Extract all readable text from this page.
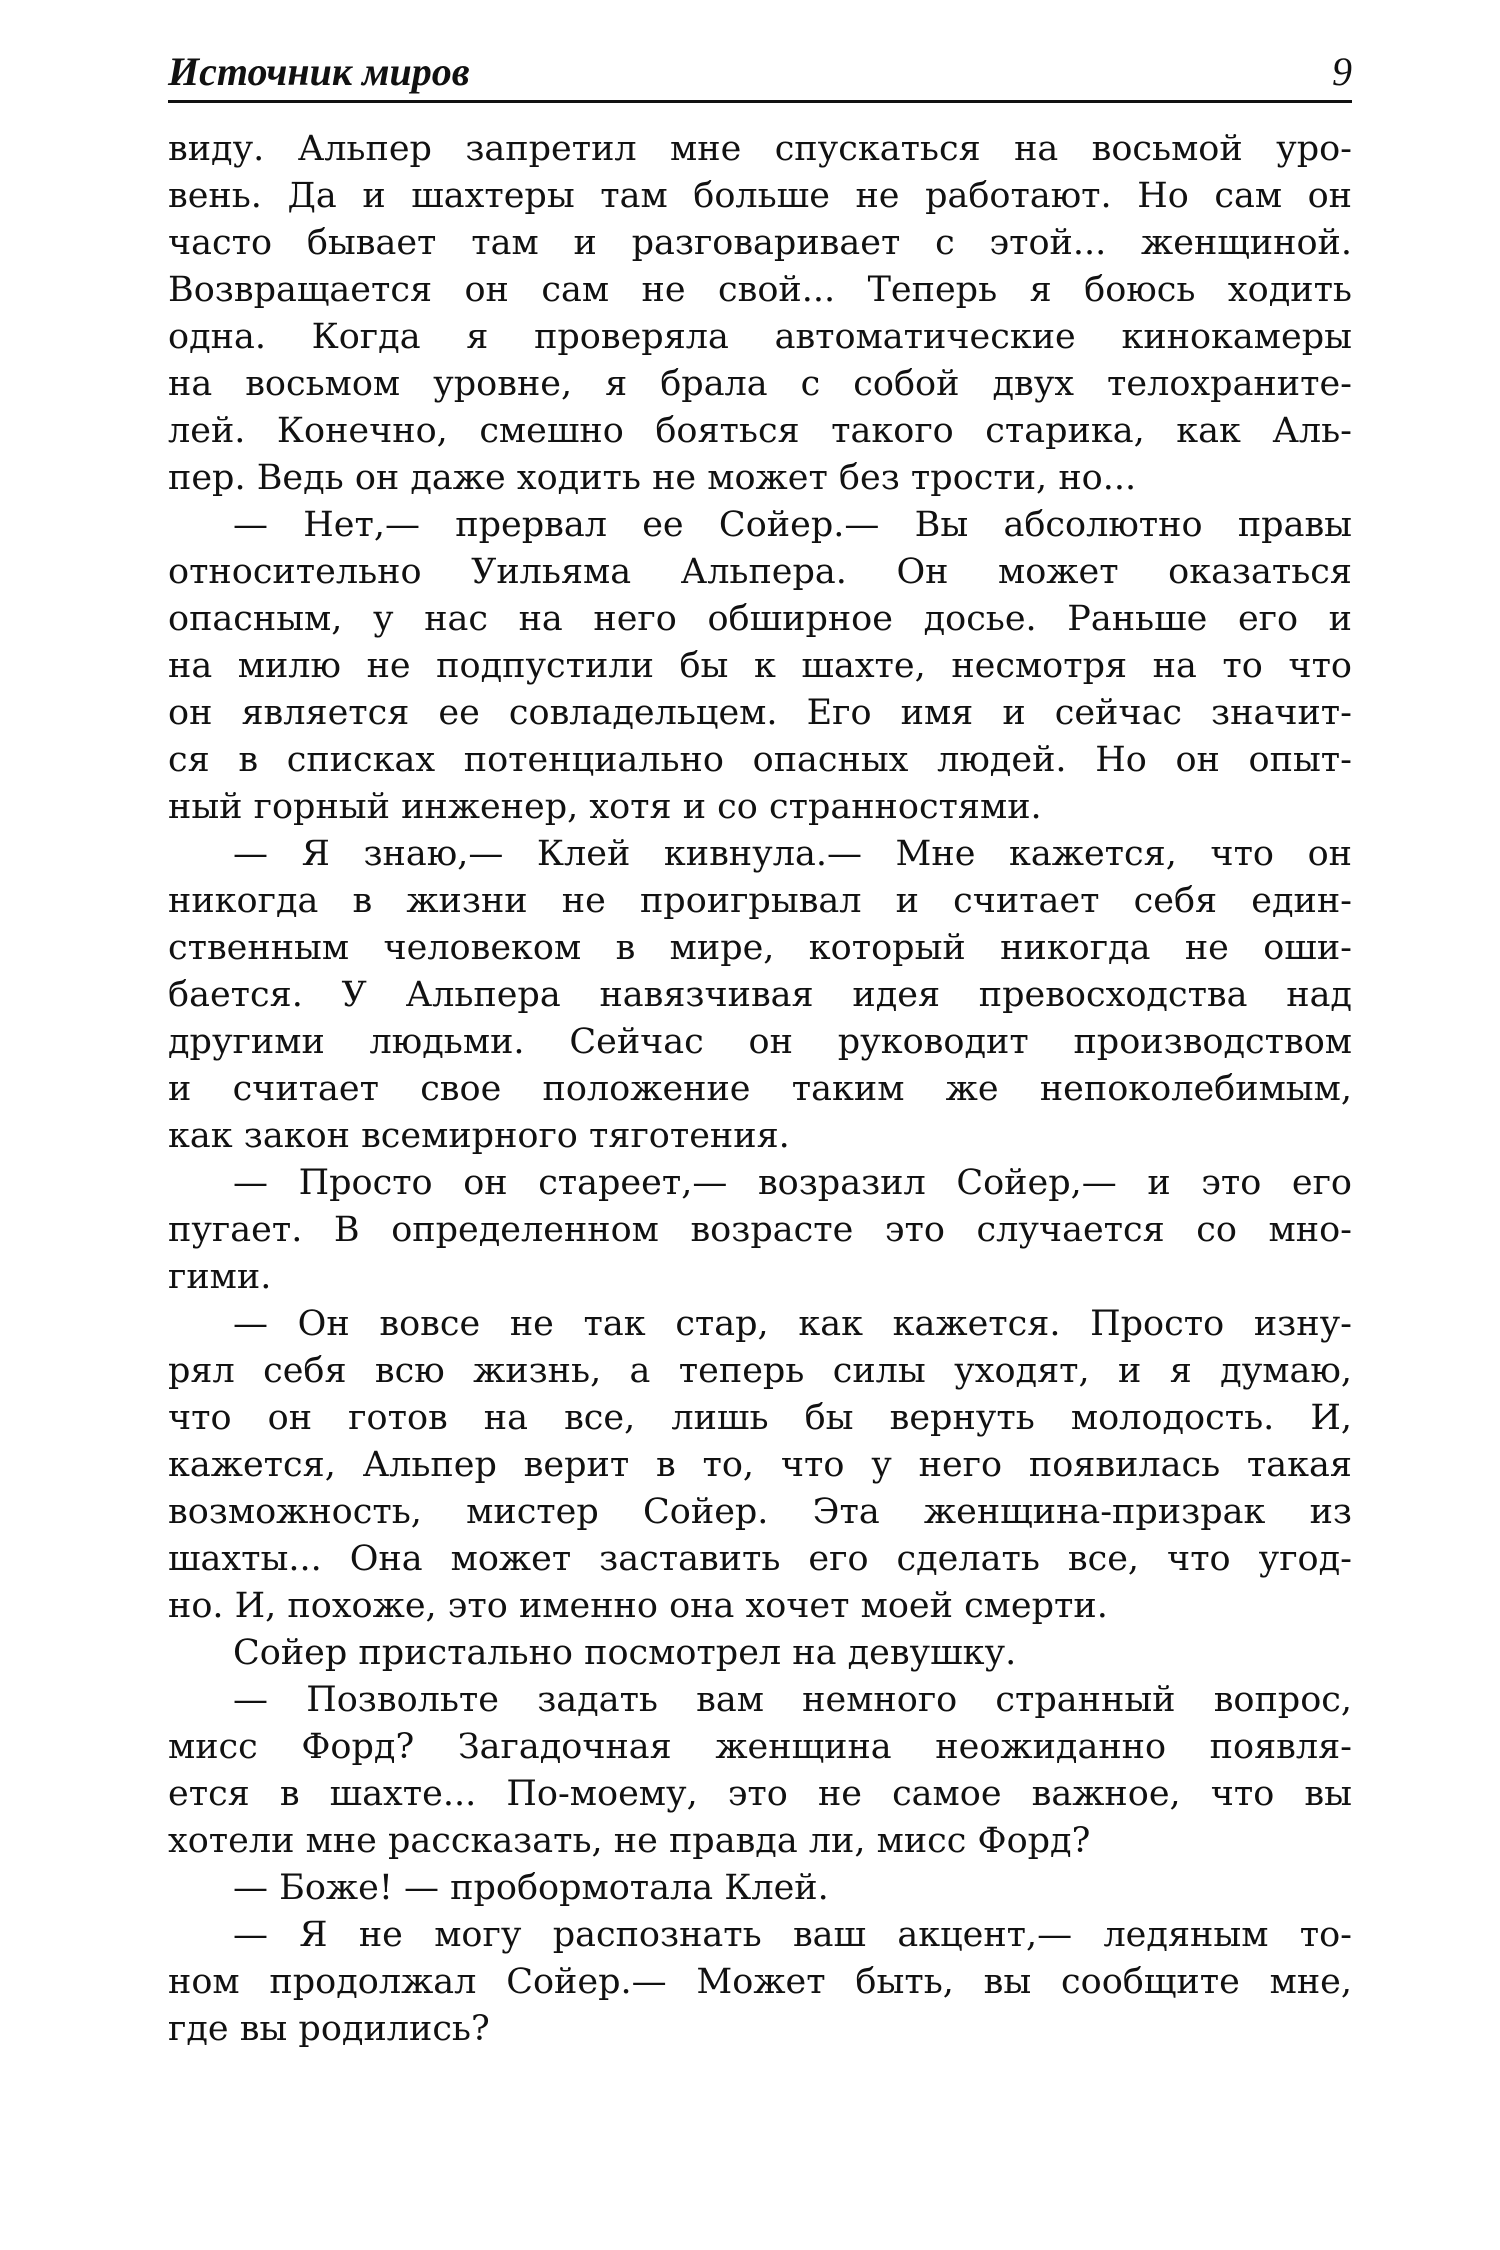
Источник миров	9
виду. Альпер запретил мне спускаться на восьмой уро-
вень. Да и шахтеры там больше не работают. Но сам он
часто бывает там и разговаривает с этой... женщиной.
Возвращается он сам не свой... Теперь я боюсь ходить
одна. Когда я проверяла автоматические кинокамеры
на восьмом уровне, я брала с собой двух телохраните-
лей. Конечно, смешно бояться такого старика, как Аль-
пер. Ведь он даже ходить не может без трости, но...
— Нет,— прервал ее Сойер.— Вы абсолютно правы
относительно Уильяма Альпера. Он может оказаться
опасным, у нас на него обширное досье. Раньше его и
на милю не подпустили бы к шахте, несмотря на то что
он является ее совладельцем. Его имя и сейчас значит-
ся в списках потенциально опасных людей. Но он опыт-
ный горный инженер, хотя и со странностями.
— Я знаю,— Клей кивнула.— Мне кажется, что он
никогда в жизни не проигрывал и считает себя един-
ственным человеком в мире, который никогда не оши-
бается. У Альпера навязчивая идея превосходства над
другими людьми. Сейчас он руководит производством
и считает свое положение таким же непоколебимым,
как закон всемирного тяготения.
— Просто он стареет,— возразил Сойер,— и это его
пугает. В определенном возрасте это случается со мно-
гими.
— Он вовсе не так стар, как кажется. Просто изну-
рял себя всю жизнь, а теперь силы уходят, и я думаю,
что он готов на все, лишь бы вернуть молодость. И,
кажется, Альпер верит в то, что у него появилась такая
возможность, мистер Сойер. Эта женщина-призрак из
шахты... Она может заставить его сделать все, что угод-
но. И, похоже, это именно она хочет моей смерти.
Сойер пристально посмотрел на девушку.
— Позвольте задать вам немного странный вопрос,
мисс Форд? Загадочная женщина неожиданно появля-
ется в шахте... По-моему, это не самое важное, что вы
хотели мне рассказать, не правда ли, мисс Форд?
— Боже! — пробормотала Клей.
— Я не могу распознать ваш акцент,— ледяным то-
ном продолжал Сойер.— Может быть, вы сообщите мне,
где вы родились?
